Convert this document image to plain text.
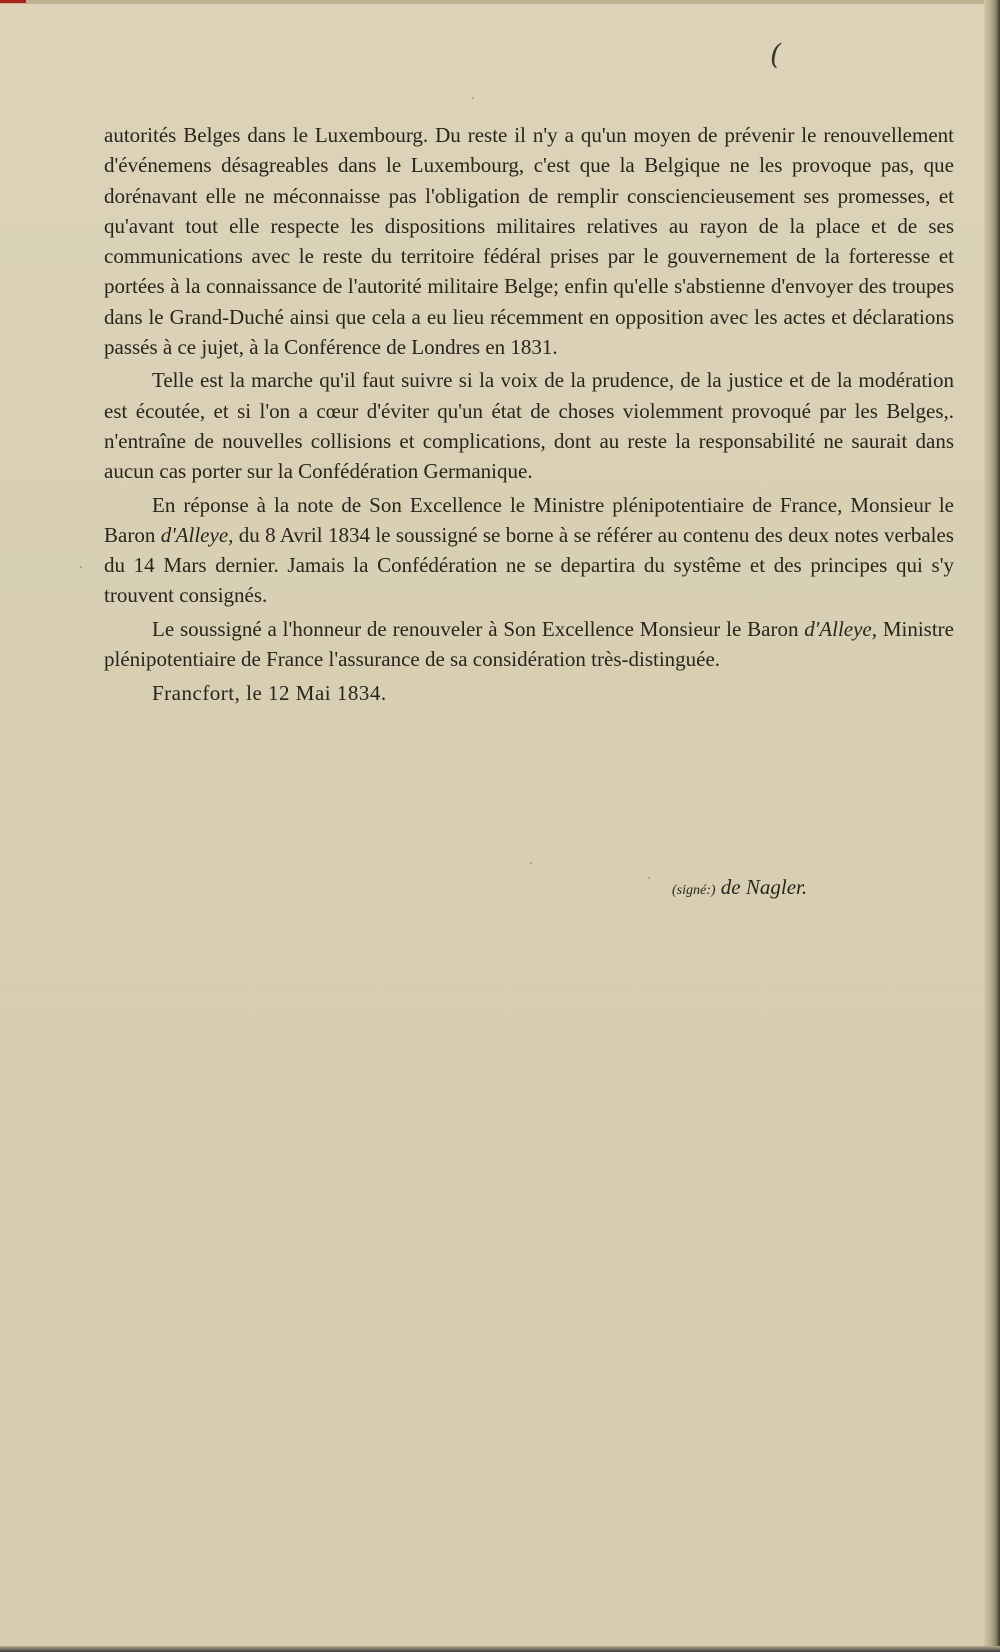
(

autorités Belges dans le Luxembourg. Du reste il n'y a qu'un moyen de prévenir le renouvellement d'événemens désagreables dans le Luxembourg, c'est que la Belgique ne les provoque pas, que dorénavant elle ne méconnaisse pas l'obligation de remplir consciencieusement ses promesses, et qu'avant tout elle respecte les dispositions militaires relatives au rayon de la place et de ses communications avec le reste du territoire fédéral prises par le gouvernement de la forteresse et portées à la connaissance de l'autorité militaire Belge; enfin qu'elle s'abstienne d'envoyer des troupes dans le Grand-Duché ainsi que cela a eu lieu récemment en opposition avec les actes et déclarations passés à ce jujet, à la Conférence de Londres en 1831.

Telle est la marche qu'il faut suivre si la voix de la prudence, de la justice et de la modération est écoutée, et si l'on a cœur d'éviter qu'un état de choses violemment provoqué par les Belges,. n'entraîne de nouvelles collisions et complications, dont au reste la responsabilité ne saurait dans aucun cas porter sur la Confédération Germanique.

En réponse à la note de Son Excellence le Ministre plénipotentiaire de France, Monsieur le Baron d'Alleye, du 8 Avril 1834 le soussigné se borne à se référer au contenu des deux notes verbales du 14 Mars dernier. Jamais la Confédération ne se departira du systême et des principes qui s'y trouvent consignés.

Le soussigné a l'honneur de renouveler à Son Excellence Monsieur le Baron d'Alleye, Ministre plénipotentiaire de France l'assurance de sa considération très-distinguée.

Francfort, le 12 Mai 1834.
(signé:) de Nagler.
